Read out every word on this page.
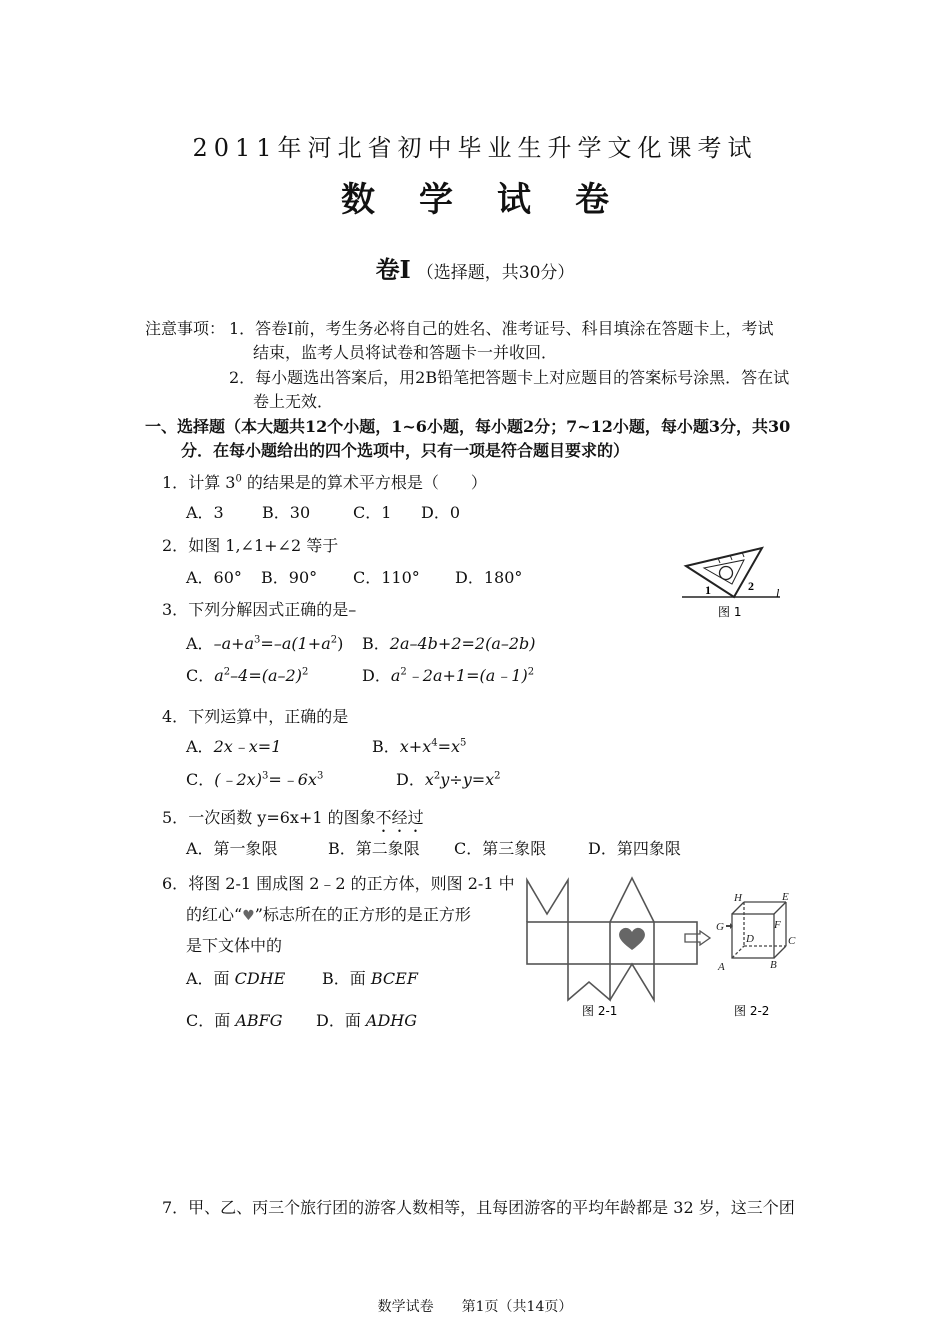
2011年河北省初中毕业生升学文化课考试
数学试卷
卷Ⅰ （选择题，共30分）
注意事项： 1．答卷Ⅰ前，考生务必将自己的姓名、准考证号、科目填涂在答题卡上，考试
结束，监考人员将试卷和答题卡一并收回．
2．每小题选出答案后，用2B铅笔把答题卡上对应题目的答案标号涂黑．答在试
卷上无效．
一、选择题（本大题共12个小题，1~6小题，每小题2分；7~12小题，每小题3分，共30
分．在每小题给出的四个选项中，只有一项是符合题目要求的）
1．计算 $3^0$ 的结果是的算术平方根是（　　）
A．3 B．30	C．1 D．0
2．如图 1,∠1+∠2 等于
A．60° B．90° C．110° D．180°
1	2 l
图 1
3．下列分解因式正确的是–
A．$-a+a^3=-a(1+a^2)$ B．2a–4b+2=2(a–2b)
C．$a^2-4=(a-2)^2$	D．$a^2﹣2a+1=(a﹣1)^2$
4．下列运算中，正确的是
A．2x﹣x=1	B．$x+x^4=x^5$
C．$(﹣2x)^3=﹣6x^3$	D．$x^2y\div y=x^2$
5．一次函数 y=6x+1 的图象不经过
A．第一象限	B．第二象限 C．第三象限	D．第四象限
6．将图 2-1 围成图 2﹣2 的正方体，则图 2-1 中
的红心“♥”标志所在的正方形的是正方形
是下文体中的
A．面 CDHE B．面 BCEF
C．面 ABFG D．面 ADHG	图 2-1
H	E
G	F
D	C
A	B
图 2-2
7．甲、乙、丙三个旅行团的游客人数相等，且每团游客的平均年龄都是 32 岁，这三个团
数学试卷　　第1页（共14页）
